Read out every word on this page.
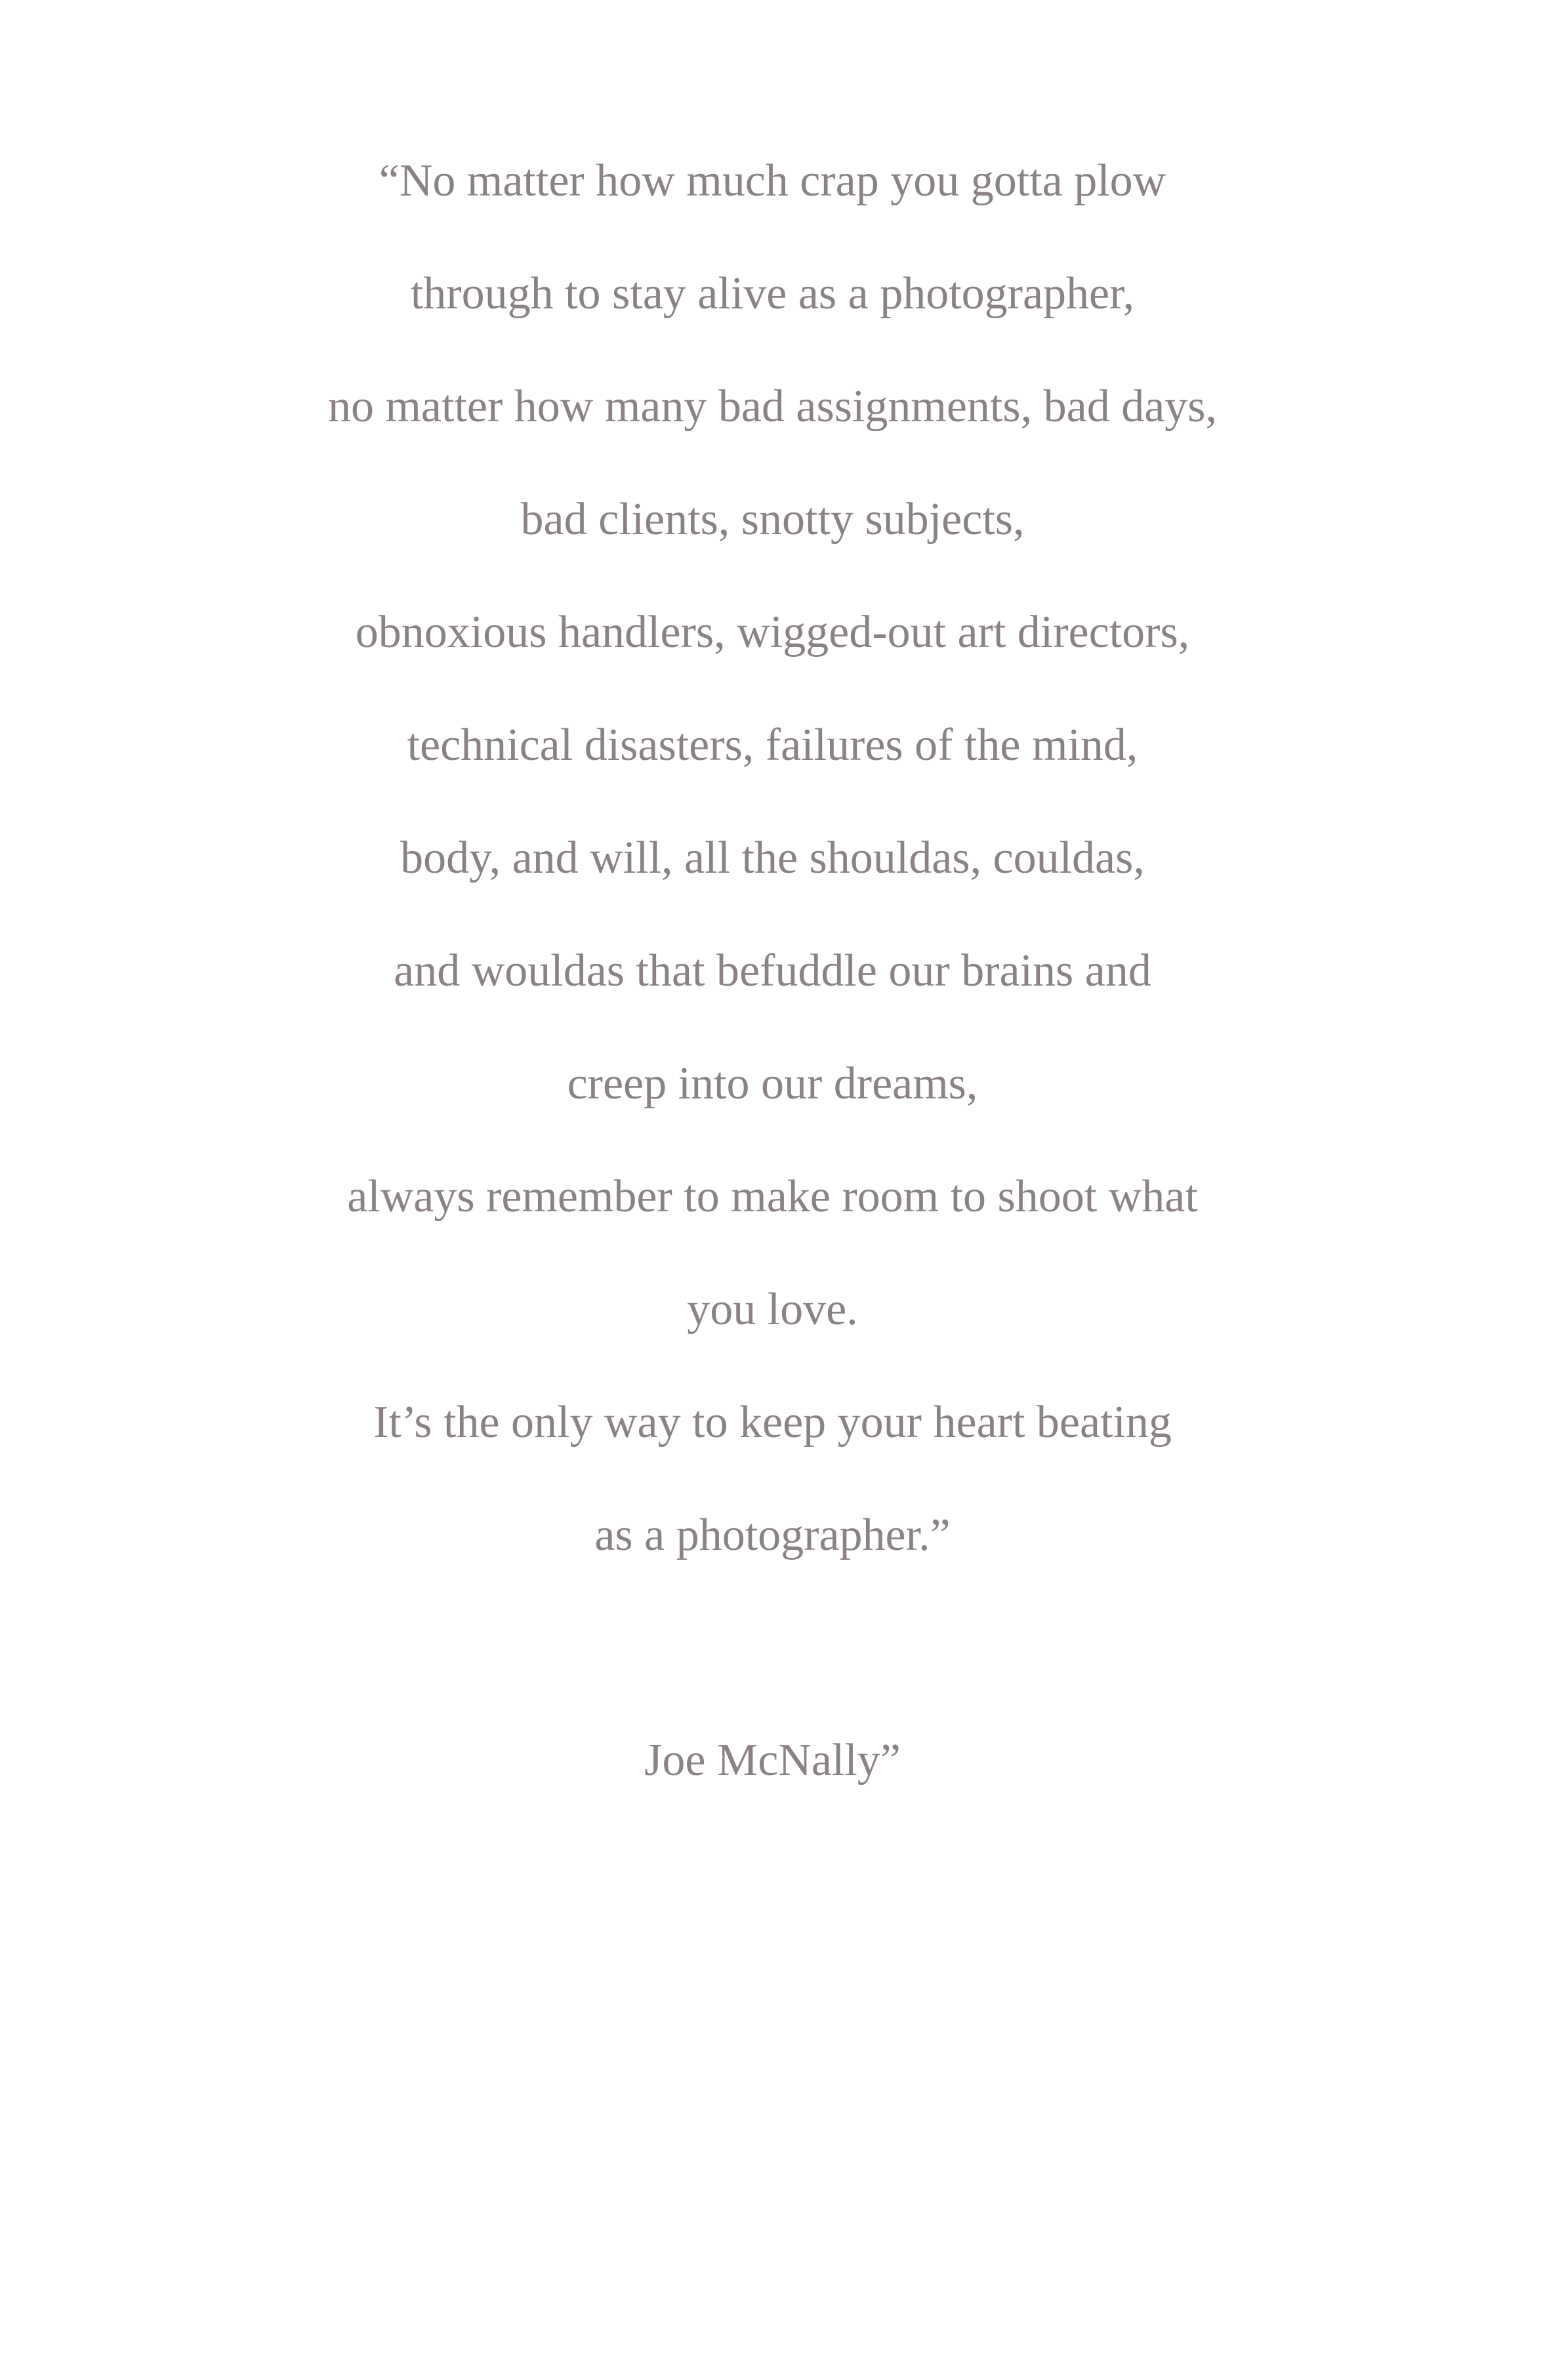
“No matter how much crap you gotta plow
through to stay alive as a photographer,
no matter how many bad assignments, bad days,
bad clients, snotty subjects,
obnoxious handlers, wigged-out art directors,
technical disasters, failures of the mind,
body, and will, all the shouldas, couldas,
and wouldas that befuddle our brains and
creep into our dreams,
always remember to make room to shoot what
you love.
It’s the only way to keep your heart beating
as a photographer.”
Joe McNally”
